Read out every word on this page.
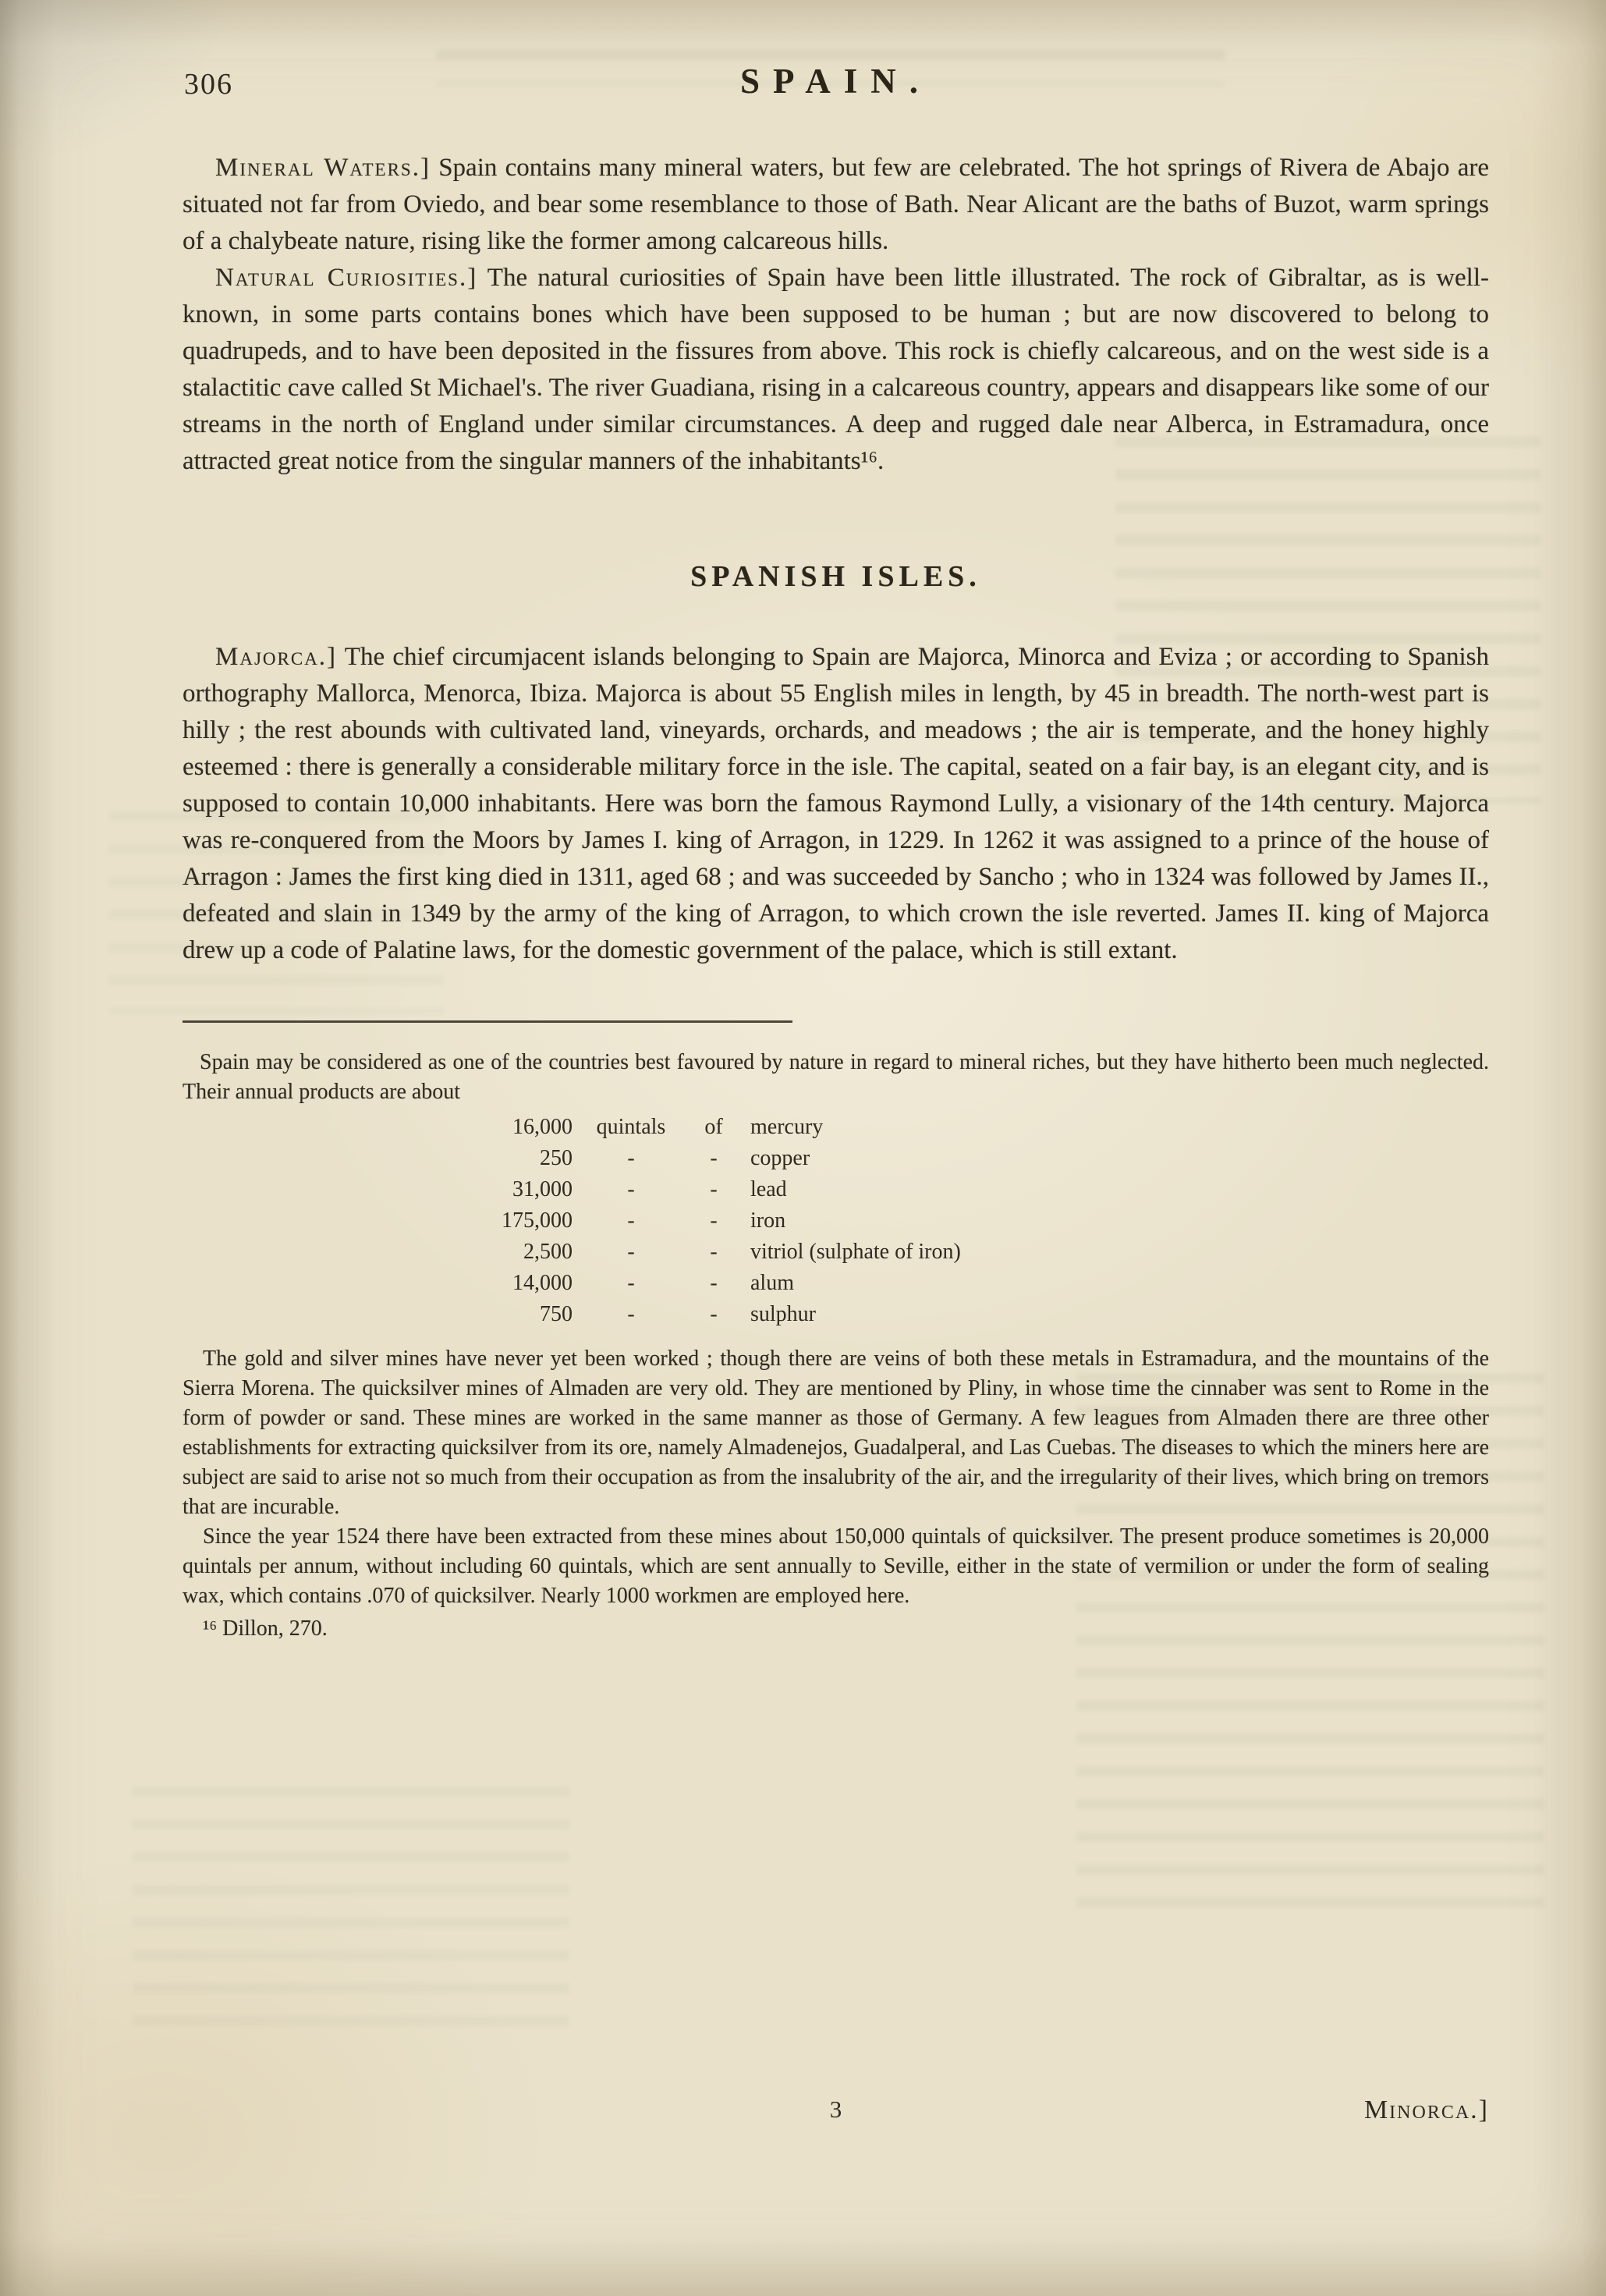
306	SPAIN.

Mineral Waters.] Spain contains many mineral waters, but few are celebrated. The hot springs of Rivera de Abajo are situated not far from Oviedo, and bear some resemblance to those of Bath. Near Alicant are the baths of Buzot, warm springs of a chalybeate nature, rising like the former among calcareous hills.

Natural Curiosities.] The natural curiosities of Spain have been little illustrated. The rock of Gibraltar, as is well-known, in some parts contains bones which have been supposed to be human ; but are now discovered to belong to quadrupeds, and to have been deposited in the fissures from above. This rock is chiefly calcareous, and on the west side is a stalactitic cave called St Michael's. The river Guadiana, rising in a calcareous country, appears and disappears like some of our streams in the north of England under similar circumstances. A deep and rugged dale near Alberca, in Estramadura, once attracted great notice from the singular manners of the inhabitants¹⁶.

SPANISH ISLES.

Majorca.] The chief circumjacent islands belonging to Spain are Majorca, Minorca and Eviza ; or according to Spanish orthography Mallorca, Menorca, Ibiza. Majorca is about 55 English miles in length, by 45 in breadth. The north-west part is hilly ; the rest abounds with cultivated land, vineyards, orchards, and meadows ; the air is temperate, and the honey highly esteemed : there is generally a considerable military force in the isle. The capital, seated on a fair bay, is an elegant city, and is supposed to contain 10,000 inhabitants. Here was born the famous Raymond Lully, a visionary of the 14th century. Majorca was re-conquered from the Moors by James I. king of Arragon, in 1229. In 1262 it was assigned to a prince of the house of Arragon : James the first king died in 1311, aged 68 ; and was succeeded by Sancho ; who in 1324 was followed by James II., defeated and slain in 1349 by the army of the king of Arragon, to which crown the isle reverted. James II. king of Majorca drew up a code of Palatine laws, for the domestic government of the palace, which is still extant.

Spain may be considered as one of the countries best favoured by nature in regard to mineral riches, but they have hitherto been much neglected. Their annual products are about

16,000	quintals	of	mercury
250	-	-	copper
31,000	-	-	lead
175,000	-	-	iron
2,500	-	-	vitriol (sulphate of iron)
14,000	-	-	alum
750	-	-	sulphur

The gold and silver mines have never yet been worked ; though there are veins of both these metals in Estramadura, and the mountains of the Sierra Morena. The quicksilver mines of Almaden are very old. They are mentioned by Pliny, in whose time the cinnaber was sent to Rome in the form of powder or sand. These mines are worked in the same manner as those of Germany. A few leagues from Almaden there are three other establishments for extracting quicksilver from its ore, namely Almadenejos, Guadalperal, and Las Cuebas. The diseases to which the miners here are subject are said to arise not so much from their occupation as from the insalubrity of the air, and the irregularity of their lives, which bring on tremors that are incurable.

Since the year 1524 there have been extracted from these mines about 150,000 quintals of quicksilver. The present produce sometimes is 20,000 quintals per annum, without including 60 quintals, which are sent annually to Seville, either in the state of vermilion or under the form of sealing wax, which contains .070 of quicksilver. Nearly 1000 workmen are employed here.

¹⁶ Dillon, 270.

3	Minorca.]
